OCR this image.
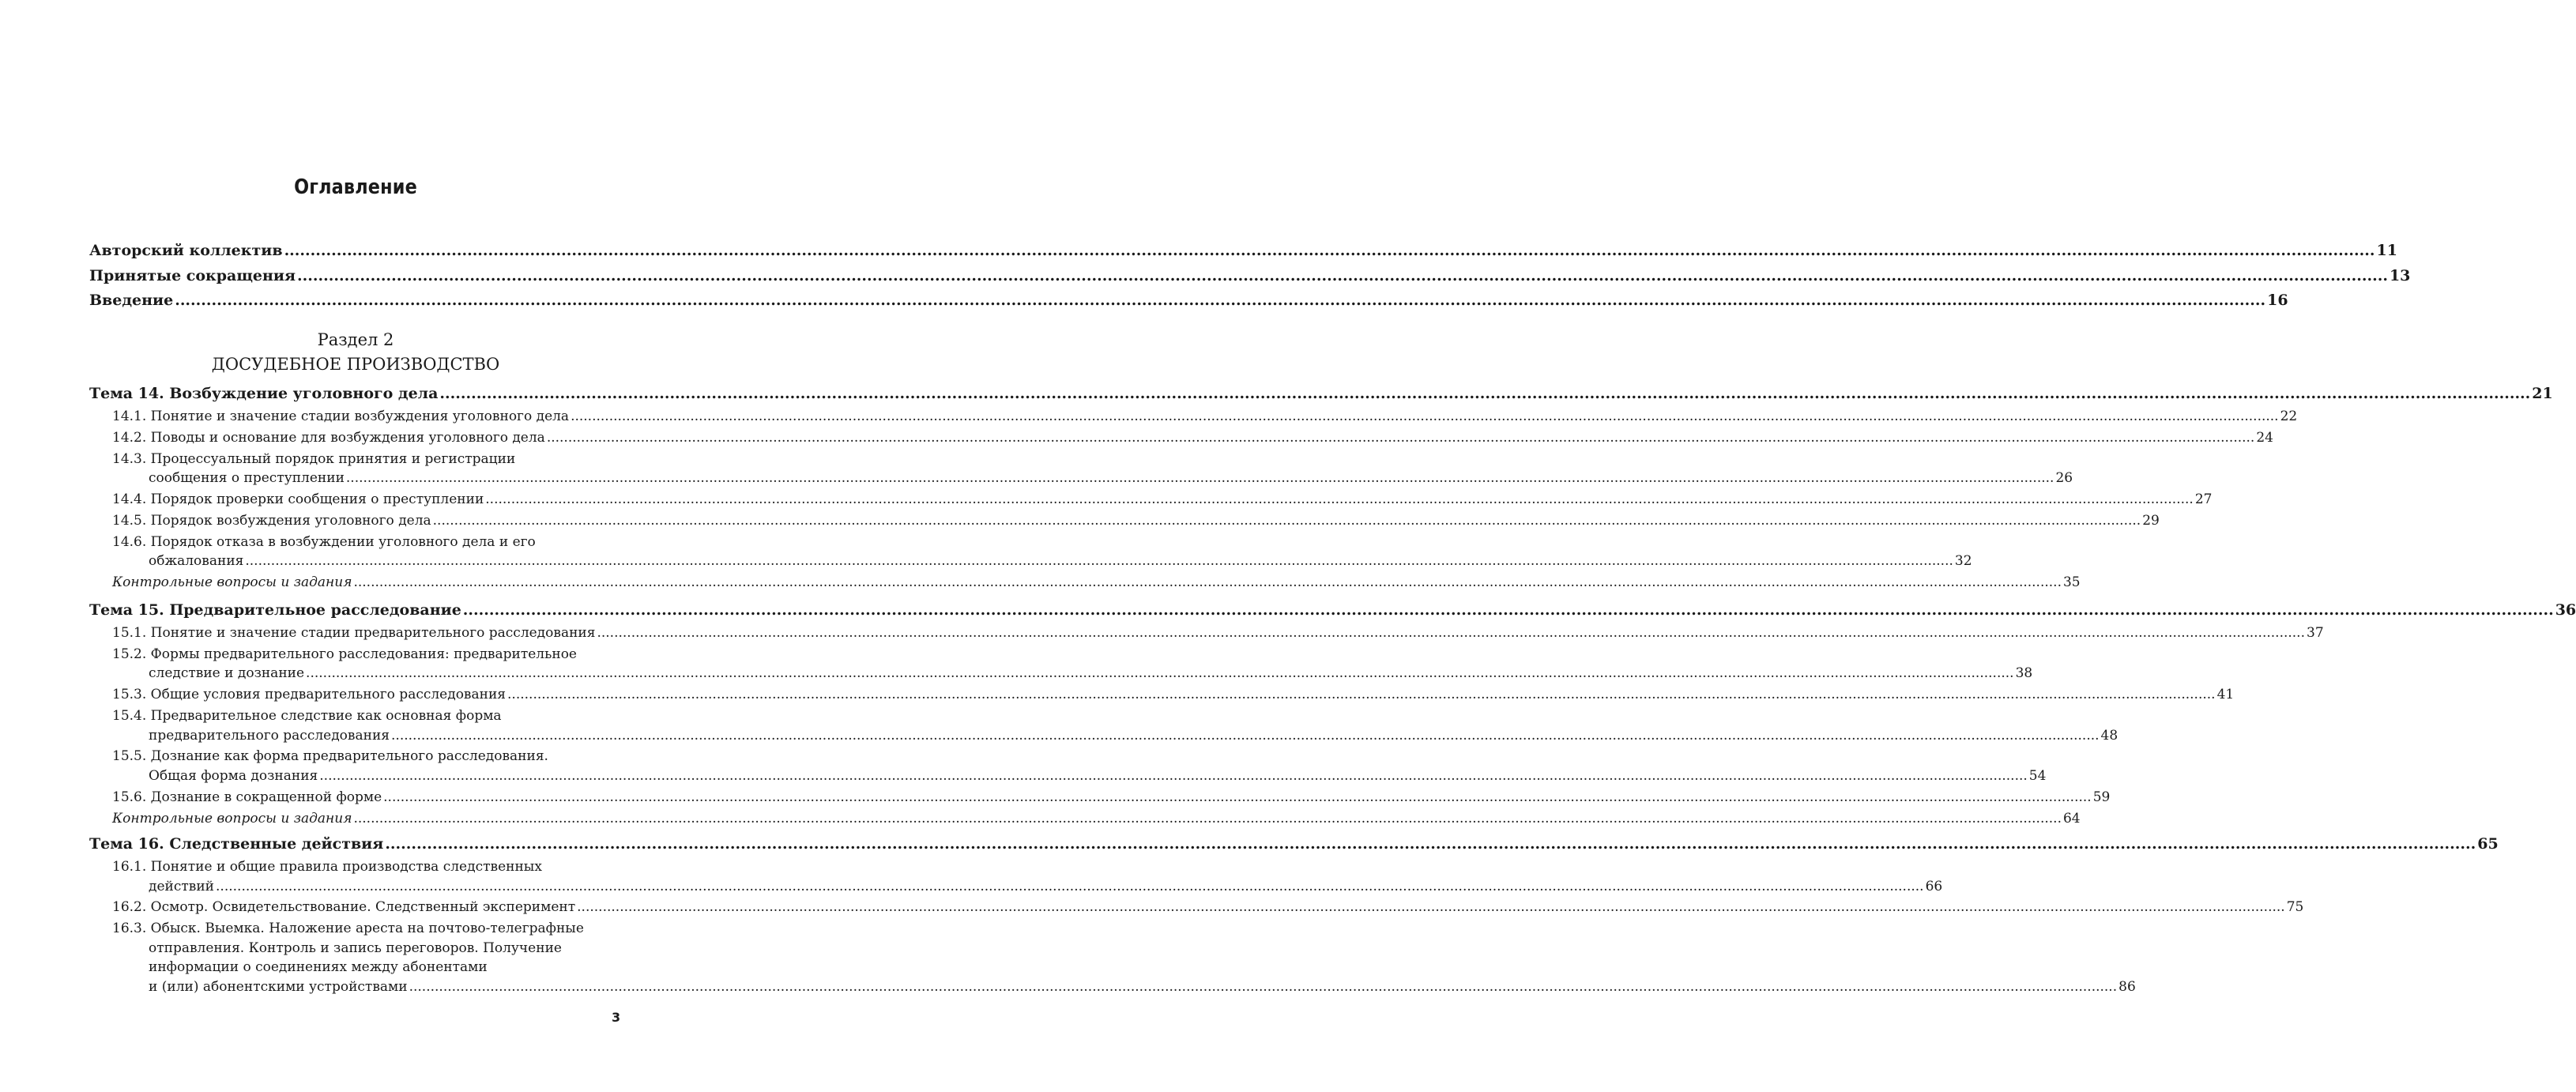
Оглавление
Авторский коллектив ................................................................................................................................................................................................................................................................................................................................................................................................................ 11
Принятые сокращения ................................................................................................................................................................................................................................................................................................................................................................................................................ 13
Введение ................................................................................................................................................................................................................................................................................................................................................................................................................ 16
Раздел 2
ДОСУДЕБНОЕ ПРОИЗВОДСТВО
Тема 14. Возбуждение уголовного дела ................................................................................................................................................................................................................................................................................................................................................................................................................ 21
14.1. Понятие и значение стадии возбуждения уголовного дела ................................................................................................................................................................................................................................................................................................................................................................................................................ 22
14.2. Поводы и основание для возбуждения уголовного дела ................................................................................................................................................................................................................................................................................................................................................................................................................ 24
14.3. Процессуальный порядок принятия и регистрации
сообщения о преступлении ................................................................................................................................................................................................................................................................................................................................................................................................................ 26
14.4. Порядок проверки сообщения о преступлении ................................................................................................................................................................................................................................................................................................................................................................................................................ 27
14.5. Порядок возбуждения уголовного дела ................................................................................................................................................................................................................................................................................................................................................................................................................ 29
14.6. Порядок отказа в возбуждении уголовного дела и его
обжалования ................................................................................................................................................................................................................................................................................................................................................................................................................ 32
Контрольные вопросы и задания ................................................................................................................................................................................................................................................................................................................................................................................................................ 35
Тема 15. Предварительное расследование ................................................................................................................................................................................................................................................................................................................................................................................................................ 36
15.1. Понятие и значение стадии предварительного расследования ................................................................................................................................................................................................................................................................................................................................................................................................................ 37
15.2. Формы предварительного расследования: предварительное
следствие и дознание ................................................................................................................................................................................................................................................................................................................................................................................................................ 38
15.3. Общие условия предварительного расследования ................................................................................................................................................................................................................................................................................................................................................................................................................ 41
15.4. Предварительное следствие как основная форма
предварительного расследования ................................................................................................................................................................................................................................................................................................................................................................................................................ 48
15.5. Дознание как форма предварительного расследования.
Общая форма дознания ................................................................................................................................................................................................................................................................................................................................................................................................................ 54
15.6. Дознание в сокращенной форме ................................................................................................................................................................................................................................................................................................................................................................................................................ 59
Контрольные вопросы и задания ................................................................................................................................................................................................................................................................................................................................................................................................................ 64
Тема 16. Следственные действия ................................................................................................................................................................................................................................................................................................................................................................................................................ 65
16.1. Понятие и общие правила производства следственных
действий ................................................................................................................................................................................................................................................................................................................................................................................................................ 66
16.2. Осмотр. Освидетельствование. Следственный эксперимент ................................................................................................................................................................................................................................................................................................................................................................................................................ 75
16.3. Обыск. Выемка. Наложение ареста на почтово-телеграфные
отправления. Контроль и запись переговоров. Получение
информации о соединениях между абонентами
и (или) абонентскими устройствами ................................................................................................................................................................................................................................................................................................................................................................................................................ 86
3
